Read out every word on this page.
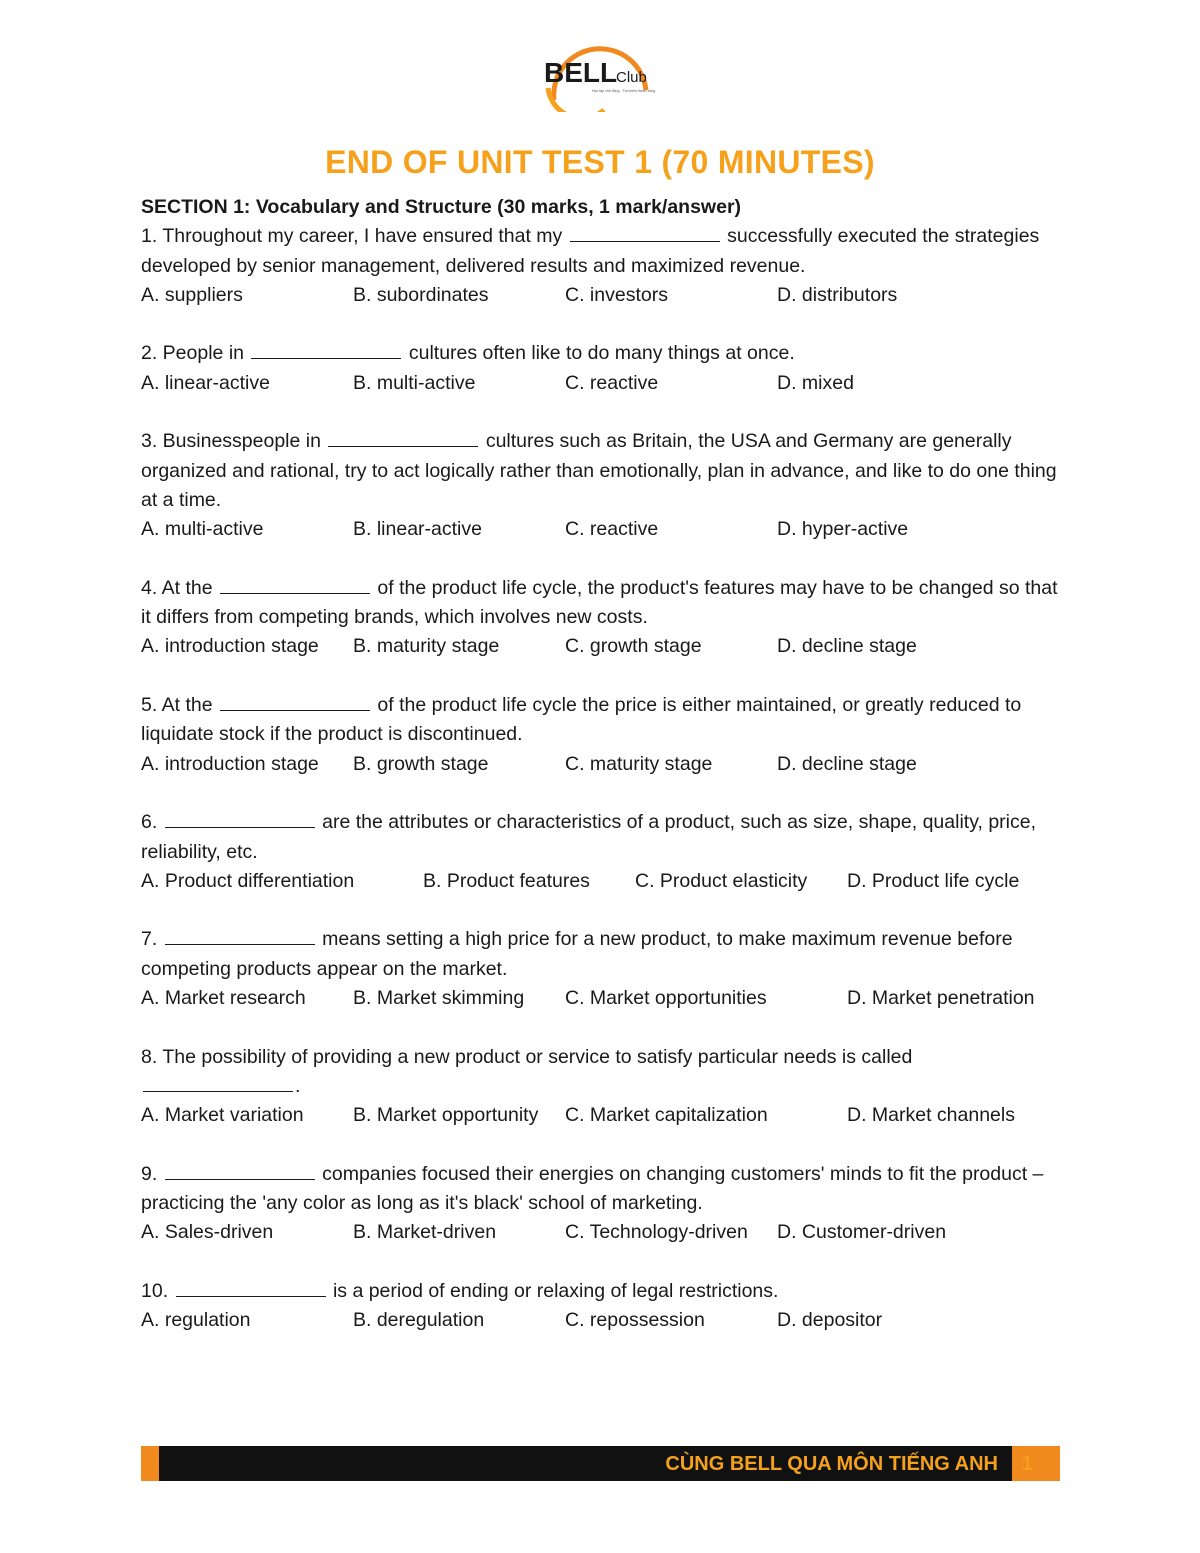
BELL
Club
Học tập chủ động - Tìm kiếm thành công
END OF UNIT TEST 1 (70 MINUTES)
SECTION 1: Vocabulary and Structure (30 marks, 1 mark/answer)

1. Throughout my career, I have ensured that my	successfully executed the strategies developed by senior management, delivered results and maximized revenue.

A. suppliers	B. subordinates	C. investors	D. distributors

2. People in	cultures often like to do many things at once.

A. linear-active	B. multi-active	C. reactive	D. mixed

3. Businesspeople in	cultures such as Britain, the USA and Germany are generally organized and rational, try to act logically rather than emotionally, plan in advance, and like to do one thing at a time.

A. multi-active	B. linear-active	C. reactive	D. hyper-active

4. At the	of the product life cycle, the product's features may have to be changed so that it differs from competing brands, which involves new costs.

A. introduction stage B. maturity stage	C. growth stage	D. decline stage

5. At the	of the product life cycle the price is either maintained, or greatly reduced to liquidate stock if the product is discontinued.

A. introduction stage B. growth stage	C. maturity stage	D. decline stage

6.	are the attributes or characteristics of a product, such as size, shape, quality, price, reliability, etc.

A. Product differentiation	B. Product features C. Product elasticity D. Product life cycle

7.	means setting a high price for a new product, to make maximum revenue before competing products appear on the market.

A. Market research B. Market skimming C. Market opportunities	D. Market penetration

8. The possibility of providing a new product or service to satisfy particular needs is called
.

A. Market variation	B. Market opportunity C. Market capitalization	D. Market channels

9.	companies focused their energies on changing customers' minds to fit the product – practicing the 'any color as long as it's black' school of marketing.

A. Sales-driven	B. Market-driven	C. Technology-driven D. Customer-driven

10.	is a period of ending or relaxing of legal restrictions.

A. regulation	B. deregulation	C. repossession	D. depositor
CÙNG BELL QUA MÔN TIẾNG ANH	1
